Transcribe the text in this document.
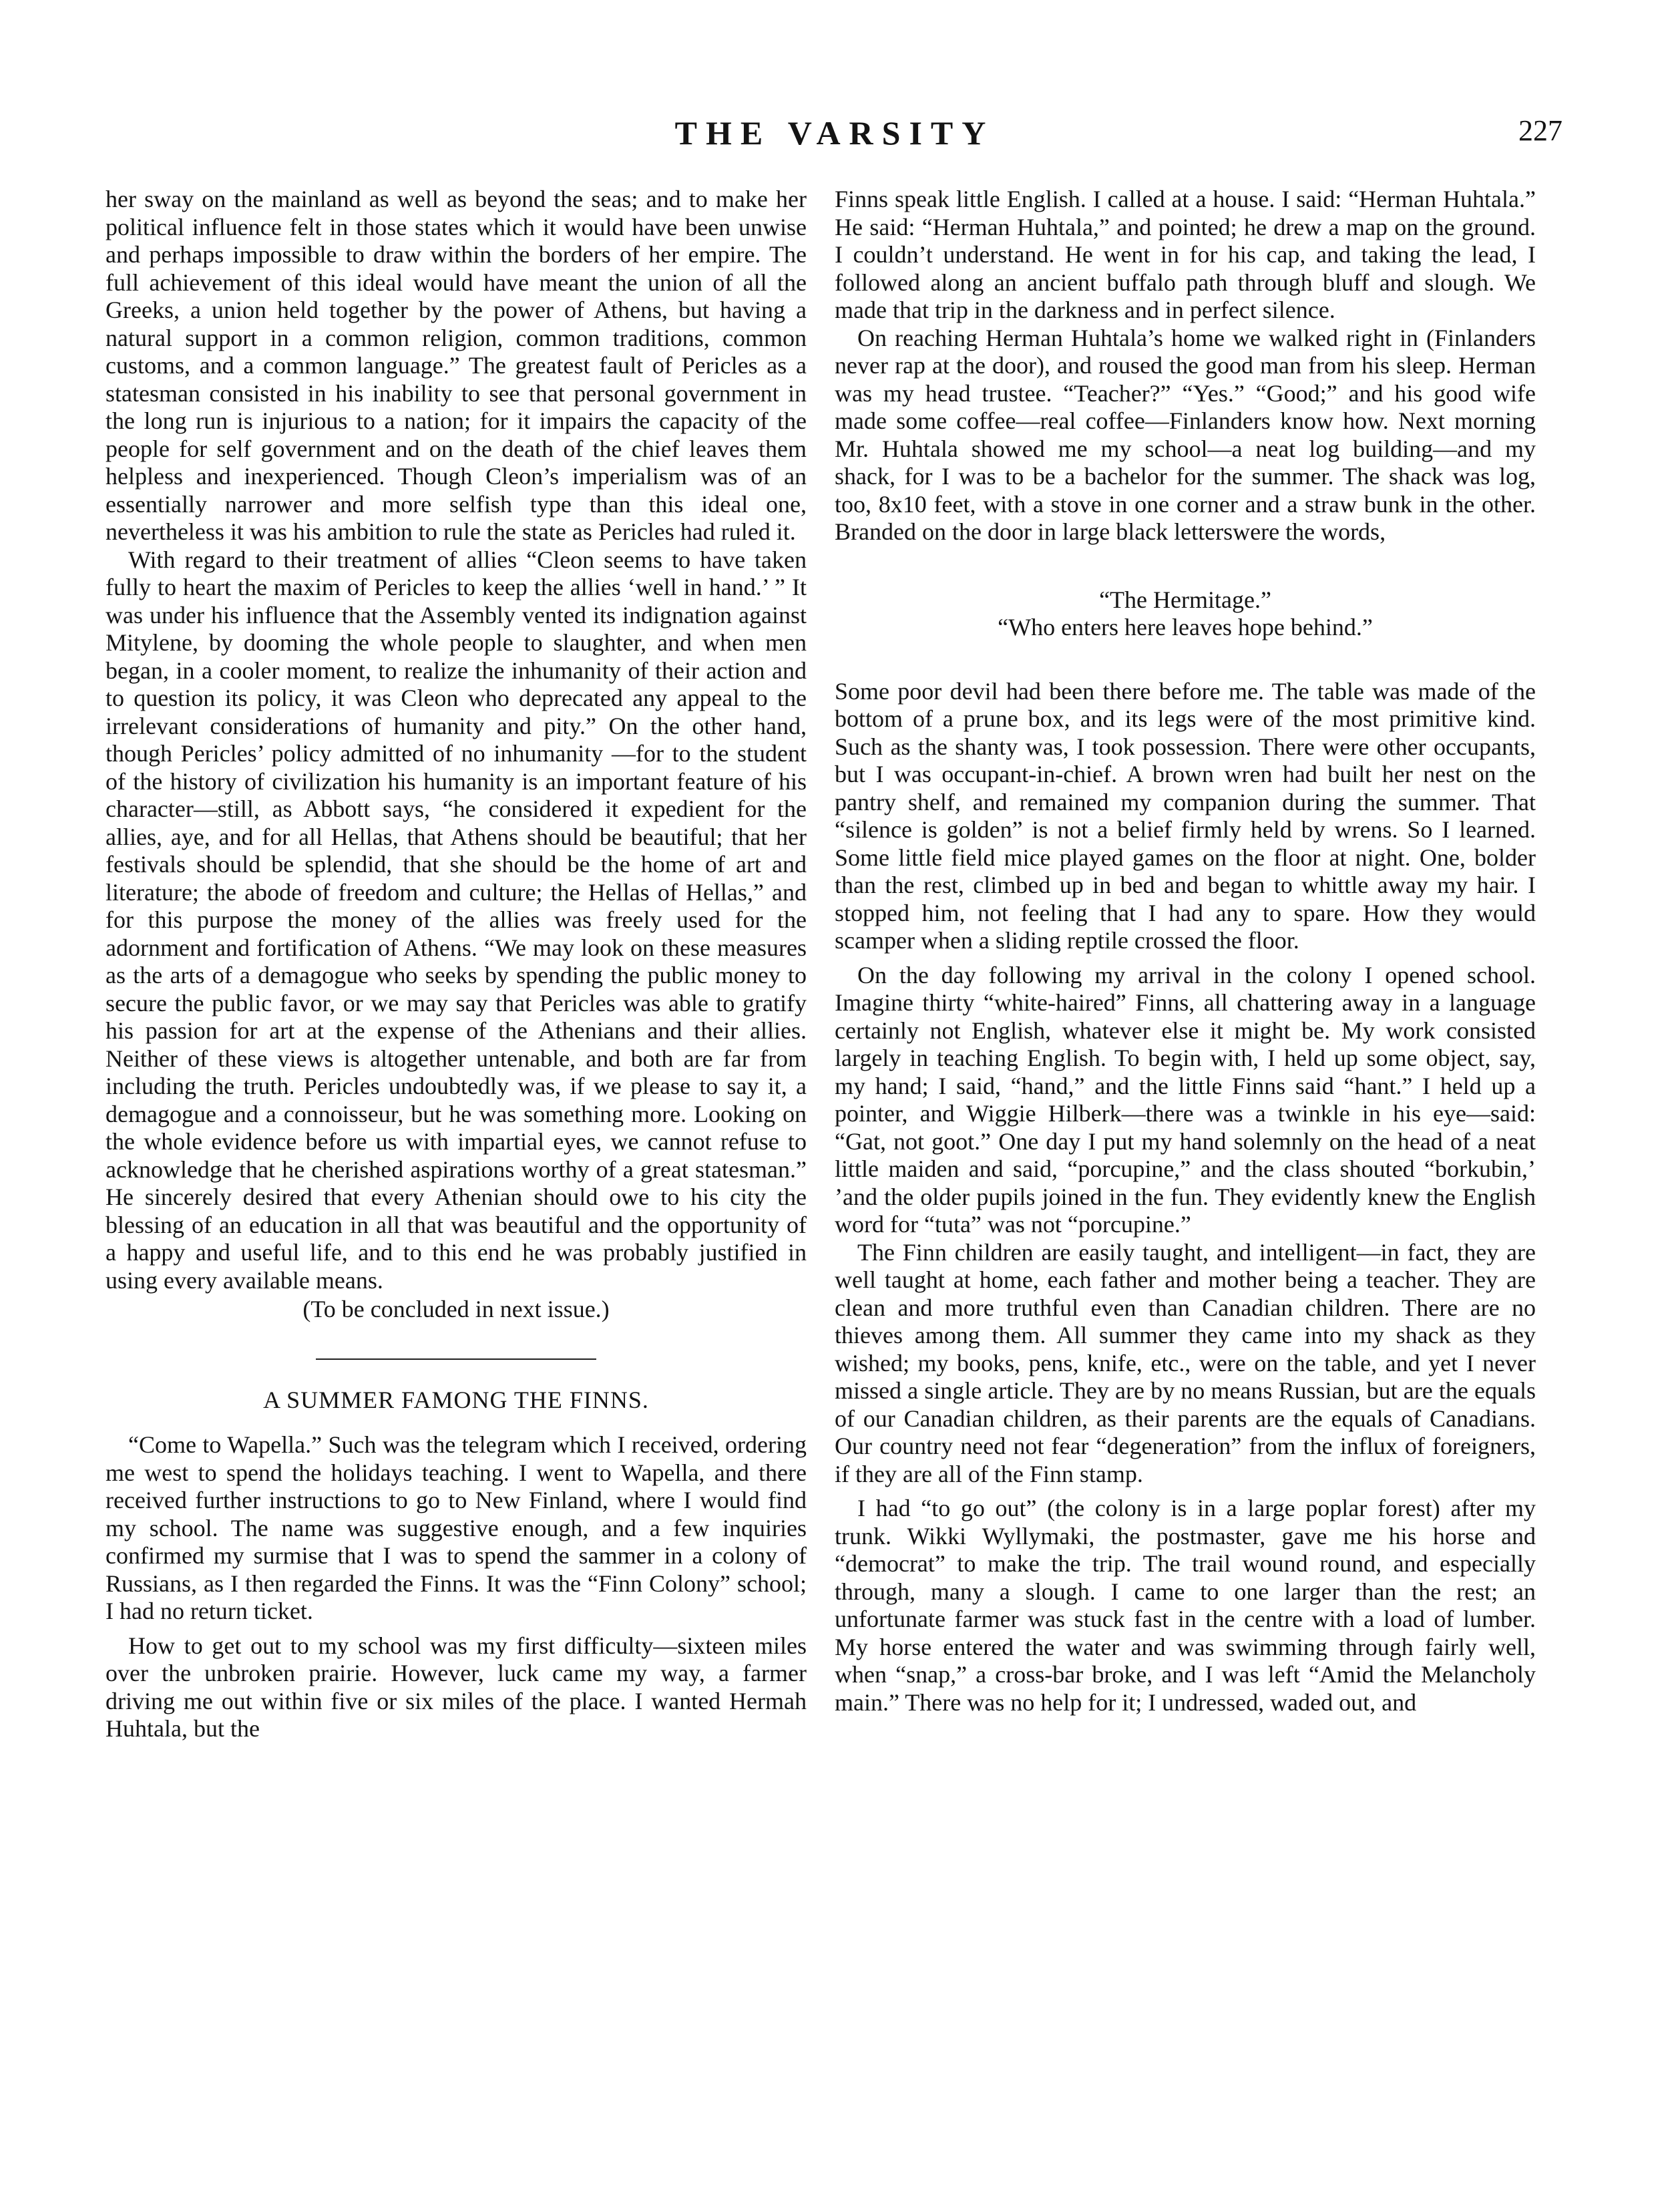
THE VARSITY	227

her sway on the mainland as well as beyond the seas; and to make her political influence felt in those states which it would have been unwise and perhaps impossible to draw within the borders of her empire. The full achievement of this ideal would have meant the union of all the Greeks, a union held together by the power of Athens, but having a natural support in a common religion, common traditions, common customs, and a common language.” The greatest fault of Pericles as a statesman consisted in his inability to see that personal government in the long run is injurious to a nation; for it impairs the capacity of the people for self government and on the death of the chief leaves them helpless and inexperienced. Though Cleon’s imperialism was of an essentially narrower and more selfish type than this ideal one, nevertheless it was his ambition to rule the state as Pericles had ruled it.

With regard to their treatment of allies “Cleon seems to have taken fully to heart the maxim of Pericles to keep the allies ‘well in hand.’ ” It was under his influence that the Assembly vented its indignation against Mitylene, by dooming the whole people to slaughter, and when men began, in a cooler moment, to realize the inhumanity of their action and to question its policy, it was Cleon who deprecated any appeal to the irrelevant considerations of humanity and pity.” On the other hand, though Pericles’ policy admitted of no inhumanity —for to the student of the history of civilization his humanity is an important feature of his character—still, as Abbott says, “he considered it expedient for the allies, aye, and for all Hellas, that Athens should be beautiful; that her festivals should be splendid, that she should be the home of art and literature; the abode of freedom and culture; the Hellas of Hellas,” and for this purpose the money of the allies was freely used for the adornment and fortification of Athens. “We may look on these measures as the arts of a demagogue who seeks by spending the public money to secure the public favor, or we may say that Pericles was able to gratify his passion for art at the expense of the Athenians and their allies. Neither of these views is altogether untenable, and both are far from including the truth. Pericles undoubtedly was, if we please to say it, a demagogue and a connoisseur, but he was something more. Looking on the whole evidence before us with impartial eyes, we cannot refuse to acknowledge that he cherished aspirations worthy of a great statesman.” He sincerely desired that every Athenian should owe to his city the blessing of an education in all that was beautiful and the opportunity of a happy and useful life, and to this end he was probably justified in using every available means.

(To be concluded in next issue.)

A SUMMER FAMONG THE FINNS.

“Come to Wapella.” Such was the telegram which I received, ordering me west to spend the holidays teaching. I went to Wapella, and there received further instructions to go to New Finland, where I would find my school. The name was suggestive enough, and a few inquiries confirmed my surmise that I was to spend the sammer in a colony of Russians, as I then regarded the Finns. It was the “Finn Colony” school; I had no return ticket.

How to get out to my school was my first difficulty—sixteen miles over the unbroken prairie. However, luck came my way, a farmer driving me out within five or six miles of the place. I wanted Hermah Huhtala, but the

Finns speak little English. I called at a house. I said: “Herman Huhtala.” He said: “Herman Huhtala,” and pointed; he drew a map on the ground. I couldn’t understand. He went in for his cap, and taking the lead, I followed along an ancient buffalo path through bluff and slough. We made that trip in the darkness and in perfect silence.

On reaching Herman Huhtala’s home we walked right in (Finlanders never rap at the door), and roused the good man from his sleep. Herman was my head trustee. “Teacher?” “Yes.” “Good;” and his good wife made some coffee—real coffee—Finlanders know how. Next morning Mr. Huhtala showed me my school—a neat log building—and my shack, for I was to be a bachelor for the summer. The shack was log, too, 8x10 feet, with a stove in one corner and a straw bunk in the other. Branded on the door in large black letterswere the words,

“The Hermitage.”
“Who enters here leaves hope behind.”

Some poor devil had been there before me. The table was made of the bottom of a prune box, and its legs were of the most primitive kind. Such as the shanty was, I took possession. There were other occupants, but I was occupant-in-chief. A brown wren had built her nest on the pantry shelf, and remained my companion during the summer. That “silence is golden” is not a belief firmly held by wrens. So I learned. Some little field mice played games on the floor at night. One, bolder than the rest, climbed up in bed and began to whittle away my hair. I stopped him, not feeling that I had any to spare. How they would scamper when a sliding reptile crossed the floor.

On the day following my arrival in the colony I opened school. Imagine thirty “white-haired” Finns, all chattering away in a language certainly not English, whatever else it might be. My work consisted largely in teaching English. To begin with, I held up some object, say, my hand; I said, “hand,” and the little Finns said “hant.” I held up a pointer, and Wiggie Hilberk—there was a twinkle in his eye—said: “Gat, not goot.” One day I put my hand solemnly on the head of a neat little maiden and said, “porcupine,” and the class shouted “borkubin,’ ’and the older pupils joined in the fun. They evidently knew the English word for “tuta” was not “porcupine.”

The Finn children are easily taught, and intelligent—in fact, they are well taught at home, each father and mother being a teacher. They are clean and more truthful even than Canadian children. There are no thieves among them. All summer they came into my shack as they wished; my books, pens, knife, etc., were on the table, and yet I never missed a single article. They are by no means Russian, but are the equals of our Canadian children, as their parents are the equals of Canadians. Our country need not fear “degeneration” from the influx of foreigners, if they are all of the Finn stamp.

I had “to go out” (the colony is in a large poplar forest) after my trunk. Wikki Wyllymaki, the postmaster, gave me his horse and “democrat” to make the trip. The trail wound round, and especially through, many a slough. I came to one larger than the rest; an unfortunate farmer was stuck fast in the centre with a load of lumber. My horse entered the water and was swimming through fairly well, when “snap,” a cross-bar broke, and I was left “Amid the Melancholy main.” There was no help for it; I undressed, waded out, and
